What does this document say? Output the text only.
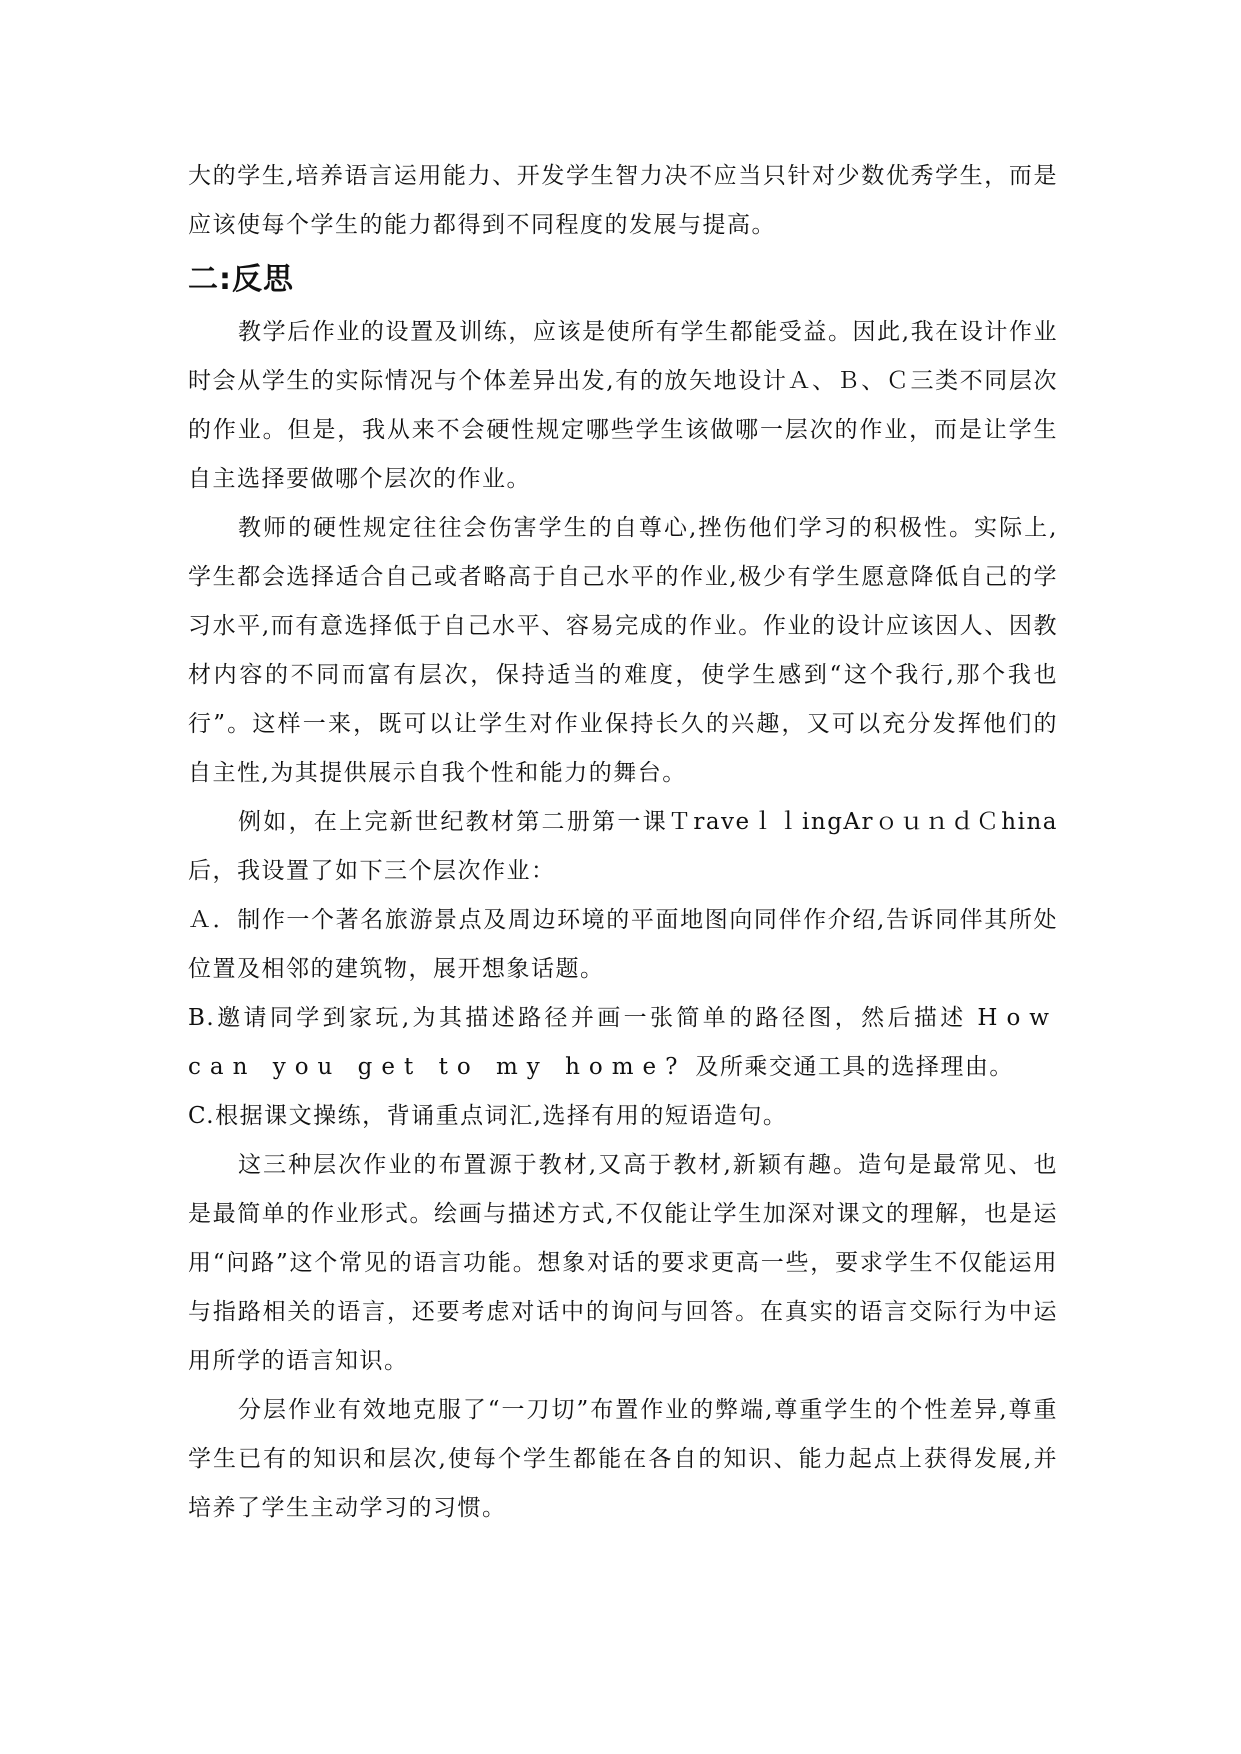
大的学生,培养语言运用能力、开发学生智力决不应当只针对少数优秀学生，而是应该使每个学生的能力都得到不同程度的发展与提高。

二:反思

教学后作业的设置及训练，应该是使所有学生都能受益。因此,我在设计作业时会从学生的实际情况与个体差异出发,有的放矢地设计Ａ、Ｂ、Ｃ三类不同层次的作业。但是，我从来不会硬性规定哪些学生该做哪一层次的作业，而是让学生自主选择要做哪个层次的作业。

教师的硬性规定往往会伤害学生的自尊心,挫伤他们学习的积极性。实际上,学生都会选择适合自己或者略高于自己水平的作业,极少有学生愿意降低自己的学习水平,而有意选择低于自己水平、容易完成的作业。作业的设计应该因人、因教材内容的不同而富有层次，保持适当的难度，使学生感到“这个我行,那个我也行”。这样一来，既可以让学生对作业保持长久的兴趣，又可以充分发挥他们的自主性,为其提供展示自我个性和能力的舞台。

例如，在上完新世纪教材第二册第一课ＴraveｌｌingArｏｕｎｄＣhina后，我设置了如下三个层次作业：

Ａ．制作一个著名旅游景点及周边环境的平面地图向同伴作介绍,告诉同伴其所处位置及相邻的建筑物，展开想象话题。

B.邀请同学到家玩,为其描述路径并画一张简单的路径图，然后描述 How can you get to my home? 及所乘交通工具的选择理由。

C.根据课文操练，背诵重点词汇,选择有用的短语造句。

这三种层次作业的布置源于教材,又高于教材,新颖有趣。造句是最常见、也是最简单的作业形式。绘画与描述方式,不仅能让学生加深对课文的理解，也是运用“问路”这个常见的语言功能。想象对话的要求更高一些，要求学生不仅能运用与指路相关的语言，还要考虑对话中的询问与回答。在真实的语言交际行为中运用所学的语言知识。

分层作业有效地克服了“一刀切”布置作业的弊端,尊重学生的个性差异,尊重学生已有的知识和层次,使每个学生都能在各自的知识、能力起点上获得发展,并培养了学生主动学习的习惯。
